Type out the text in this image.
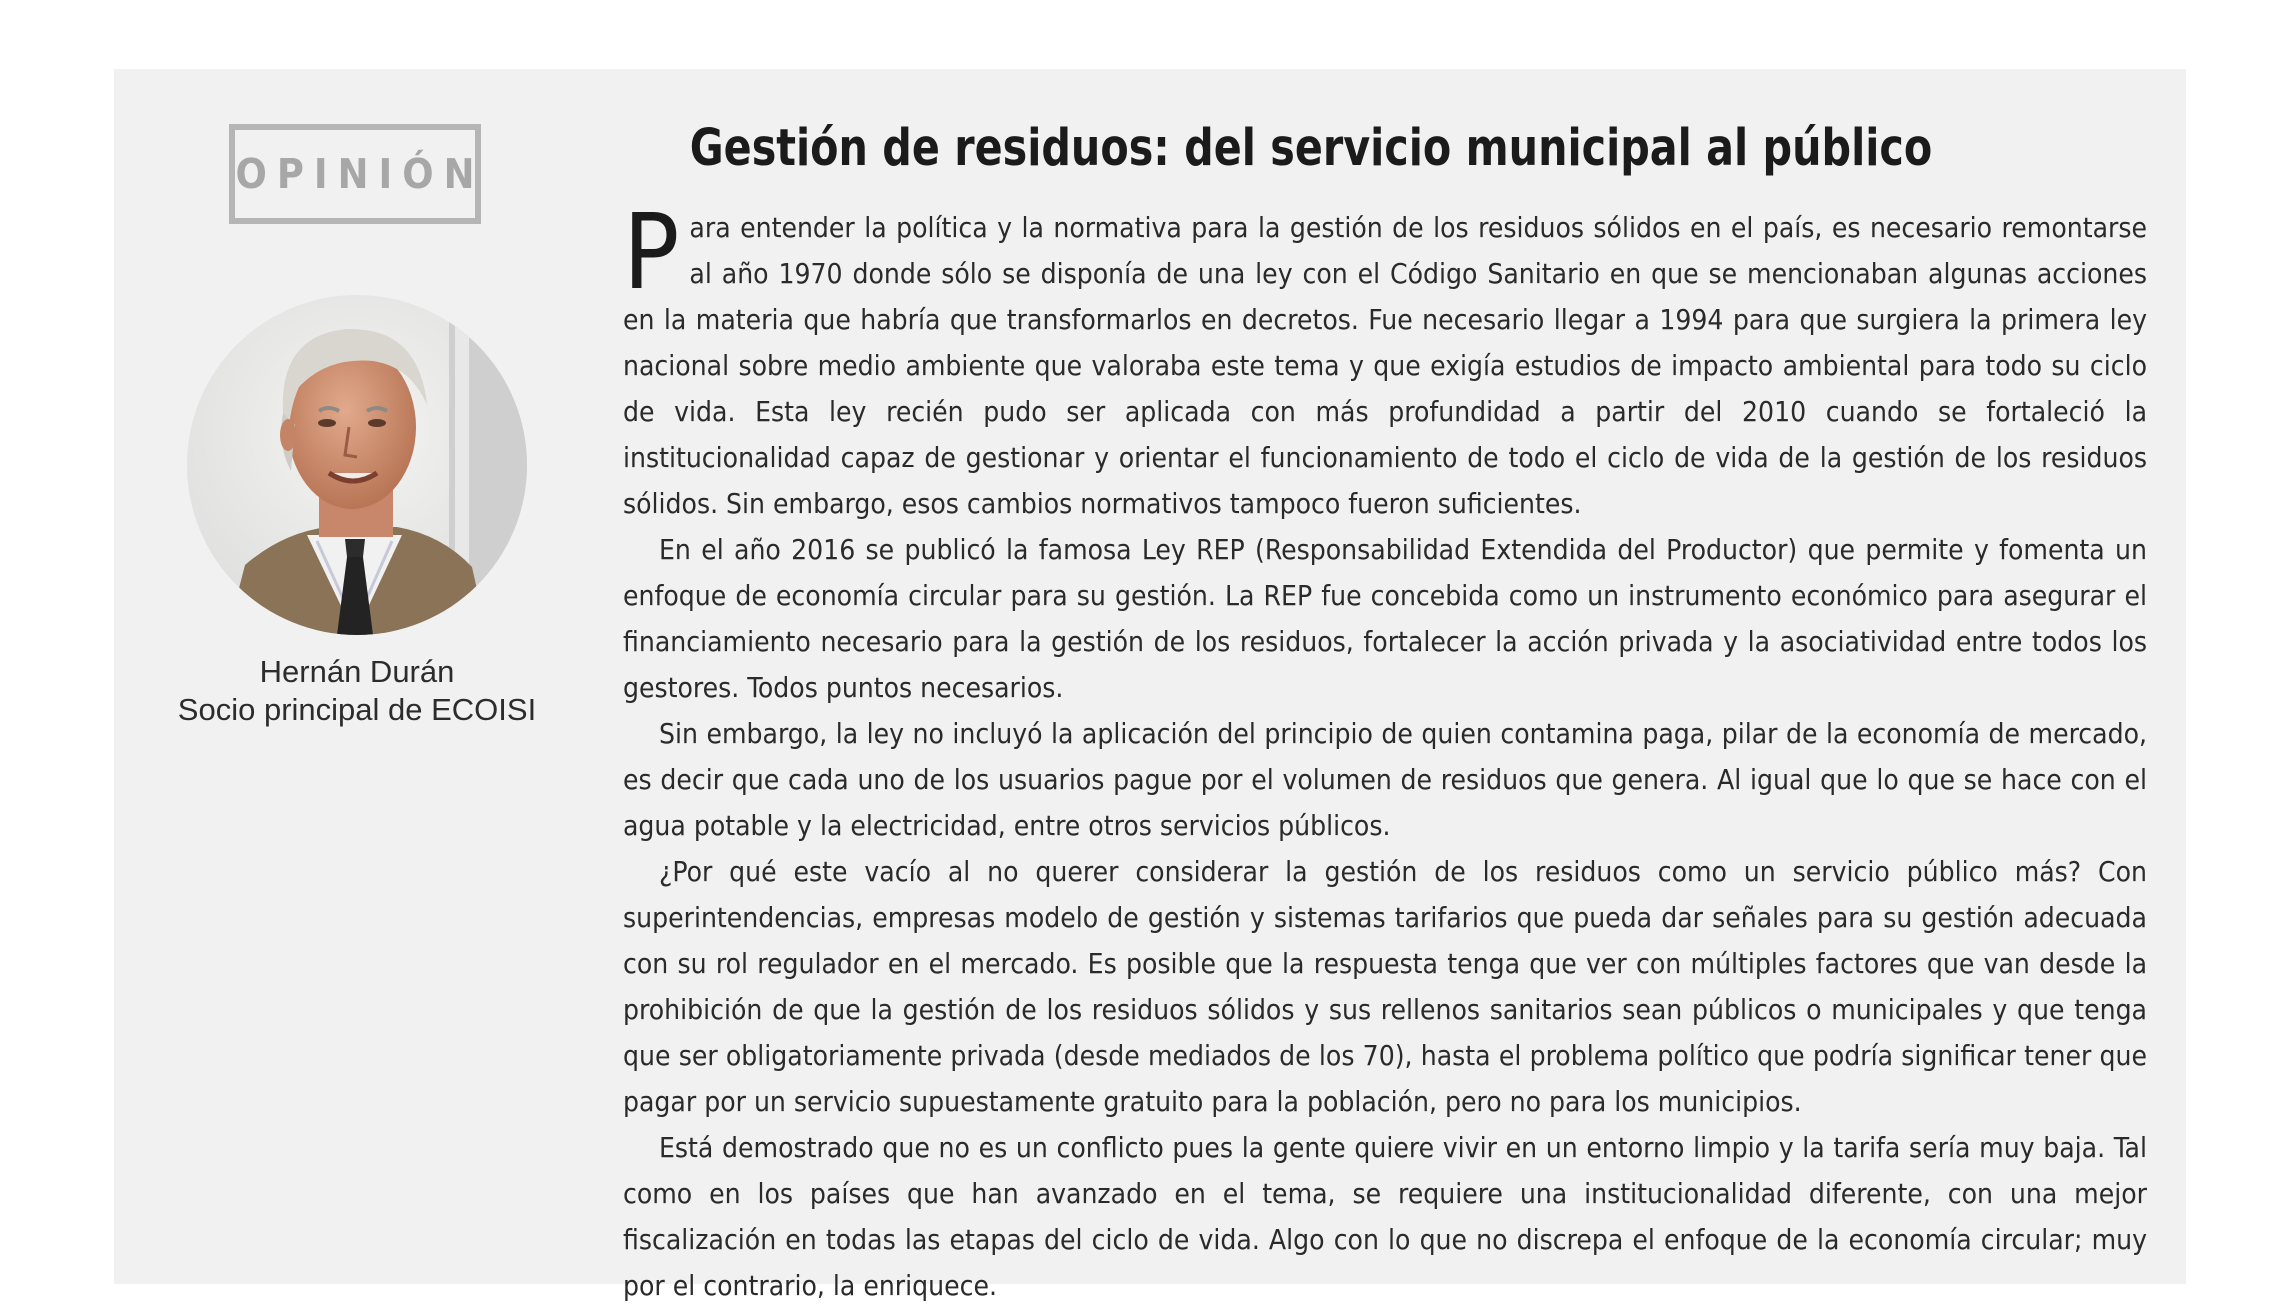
OPINIÓN
Hernán Durán
Socio principal de ECOISI
Gestión de residuos: del servicio municipal al público

Para entender la política y la normativa para la gestión de los residuos sólidos en el país, es necesario remontarse al año 1970 donde sólo se disponía de una ley con el Código Sanitario en que se mencionaban algunas acciones en la materia que habría que transformarlos en decretos. Fue necesario llegar a 1994 para que surgiera la primera ley nacional sobre medio ambiente que valoraba este tema y que exigía estudios de impacto ambiental para todo su ciclo de vida. Esta ley recién pudo ser aplicada con más profundidad a partir del 2010 cuando se fortaleció la institucionalidad capaz de gestionar y orientar el funcionamiento de todo el ciclo de vida de la gestión de los residuos sólidos. Sin embargo, esos cambios normativos tampoco fueron suficientes.

En el año 2016 se publicó la famosa Ley REP (Responsabilidad Extendida del Productor) que permite y fomenta un enfoque de economía circular para su gestión. La REP fue concebida como un instrumento económico para asegurar el financiamiento necesario para la gestión de los residuos, fortalecer la acción privada y la asociatividad entre todos los gestores. Todos puntos necesarios.

Sin embargo, la ley no incluyó la aplicación del principio de quien contamina paga, pilar de la economía de mercado, es decir que cada uno de los usuarios pague por el volumen de residuos que genera. Al igual que lo que se hace con el agua potable y la electricidad, entre otros servicios públicos.

¿Por qué este vacío al no querer considerar la gestión de los residuos como un servicio público más? Con superintendencias, empresas modelo de gestión y sistemas tarifarios que pueda dar señales para su gestión adecuada con su rol regulador en el mercado. Es posible que la respuesta tenga que ver con múltiples factores que van desde la prohibición de que la gestión de los residuos sólidos y sus rellenos sanitarios sean públicos o municipales y que tenga que ser obligatoriamente privada (desde mediados de los 70), hasta el problema político que podría significar tener que pagar por un servicio supuestamente gratuito para la población, pero no para los municipios.

Está demostrado que no es un conflicto pues la gente quiere vivir en un entorno limpio y la tarifa sería muy baja. Tal como en los países que han avanzado en el tema, se requiere una institucionalidad diferente, con una mejor fiscalización en todas las etapas del ciclo de vida. Algo con lo que no discrepa el enfoque de la economía circular; muy por el contrario, la enriquece.
